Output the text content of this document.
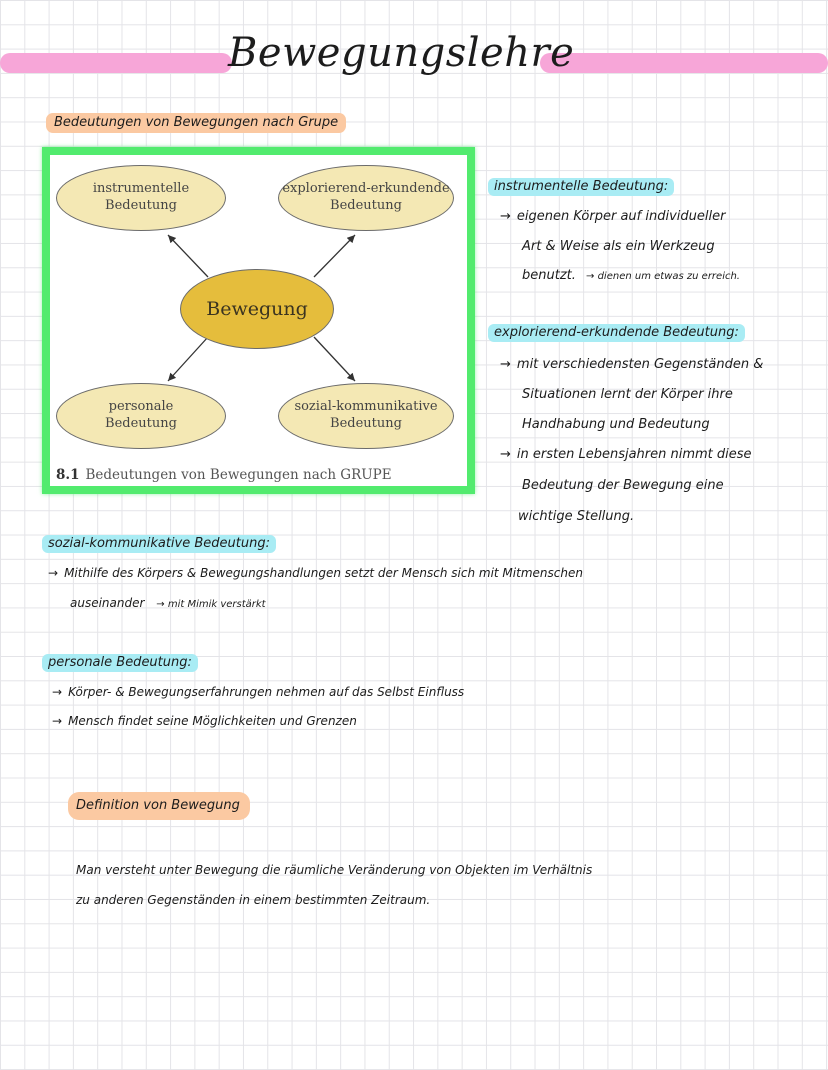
Bewegungslehre
Bedeutungen von Bewegungen nach Grupe
instrumentelle
Bedeutung
explorierend-erkundende
Bedeutung
Bewegung
personale
Bedeutung
sozial-kommunikative
Bedeutung
8.1 Bedeutungen von Bewegungen nach GRUPE
instrumentelle Bedeutung:
→ eigenen Körper auf individueller
Art & Weise als ein Werkzeug
benutzt. → dienen um etwas zu erreich.
explorierend-erkundende Bedeutung:
→ mit verschiedensten Gegenständen &
Situationen lernt der Körper ihre
Handhabung und Bedeutung
→ in ersten Lebensjahren nimmt diese
Bedeutung der Bewegung eine
wichtige Stellung.
sozial-kommunikative Bedeutung:
→ Mithilfe des Körpers & Bewegungshandlungen setzt der Mensch sich mit Mitmenschen
auseinander → mit Mimik verstärkt
personale Bedeutung:
→ Körper- & Bewegungserfahrungen nehmen auf das Selbst Einfluss
→ Mensch findet seine Möglichkeiten und Grenzen
Definition von Bewegung
Man versteht unter Bewegung die räumliche Veränderung von Objekten im Verhältnis
zu anderen Gegenständen in einem bestimmten Zeitraum.
